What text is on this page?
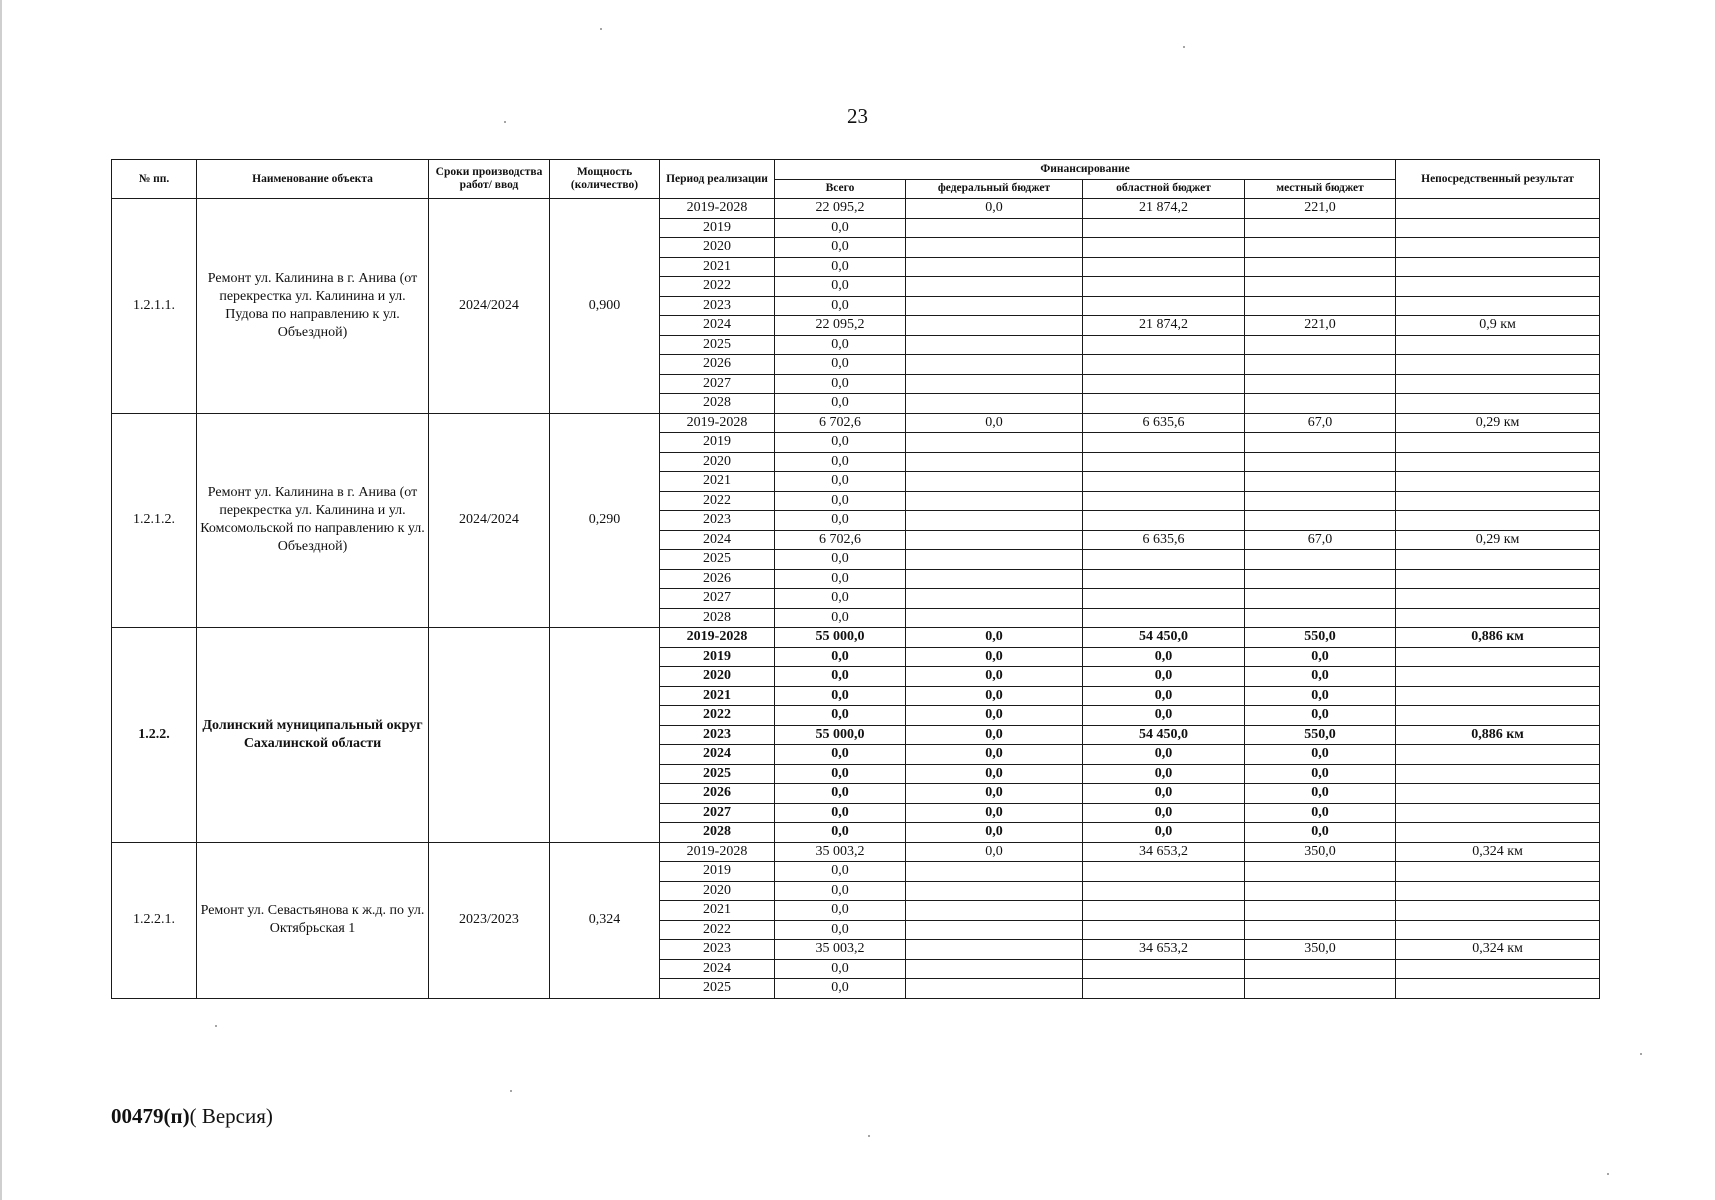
23
№ пп.	Наименование объекта	Сроки производства работ/ ввод	Мощность (количество)	Период реализации	Финансирование				Непосредственный результат
					Всего	федеральный бюджет	областной бюджет	местный бюджет	
1.2.1.1.	Ремонт ул. Калинина в г. Анива (от перекрестка ул. Калинина и ул. Пудова по направлению к ул. Объездной)	2024/2024	0,900	2019-2028	22 095,2	0,0	21 874,2	221,0	
				2019	0,0				
				2020	0,0				
				2021	0,0				
				2022	0,0				
				2023	0,0				
				2024	22 095,2		21 874,2	221,0	0,9 км
				2025	0,0				
				2026	0,0				
				2027	0,0				
				2028	0,0				
1.2.1.2.	Ремонт ул. Калинина в г. Анива (от перекрестка ул. Калинина и ул. Комсомольской по направлению к ул. Объездной)	2024/2024	0,290	2019-2028	6 702,6	0,0	6 635,6	67,0	0,29 км
				2019	0,0				
				2020	0,0				
				2021	0,0				
				2022	0,0				
				2023	0,0				
				2024	6 702,6		6 635,6	67,0	0,29 км
				2025	0,0				
				2026	0,0				
				2027	0,0				
				2028	0,0				
1.2.2.	Долинский муниципальный округ Сахалинской области			2019-2028	55 000,0	0,0	54 450,0	550,0	0,886 км
				2019	0,0	0,0	0,0	0,0	
				2020	0,0	0,0	0,0	0,0	
				2021	0,0	0,0	0,0	0,0	
				2022	0,0	0,0	0,0	0,0	
				2023	55 000,0	0,0	54 450,0	550,0	0,886 км
				2024	0,0	0,0	0,0	0,0	
				2025	0,0	0,0	0,0	0,0	
				2026	0,0	0,0	0,0	0,0	
				2027	0,0	0,0	0,0	0,0	
				2028	0,0	0,0	0,0	0,0	
1.2.2.1.	Ремонт ул. Севастьянова к ж.д. по ул. Октябрьская 1	2023/2023	0,324	2019-2028	35 003,2	0,0	34 653,2	350,0	0,324 км
				2019	0,0				
				2020	0,0				
				2021	0,0				
				2022	0,0				
				2023	35 003,2		34 653,2	350,0	0,324 км
				2024	0,0				
				2025	0,0				
00479(п)( Версия)
